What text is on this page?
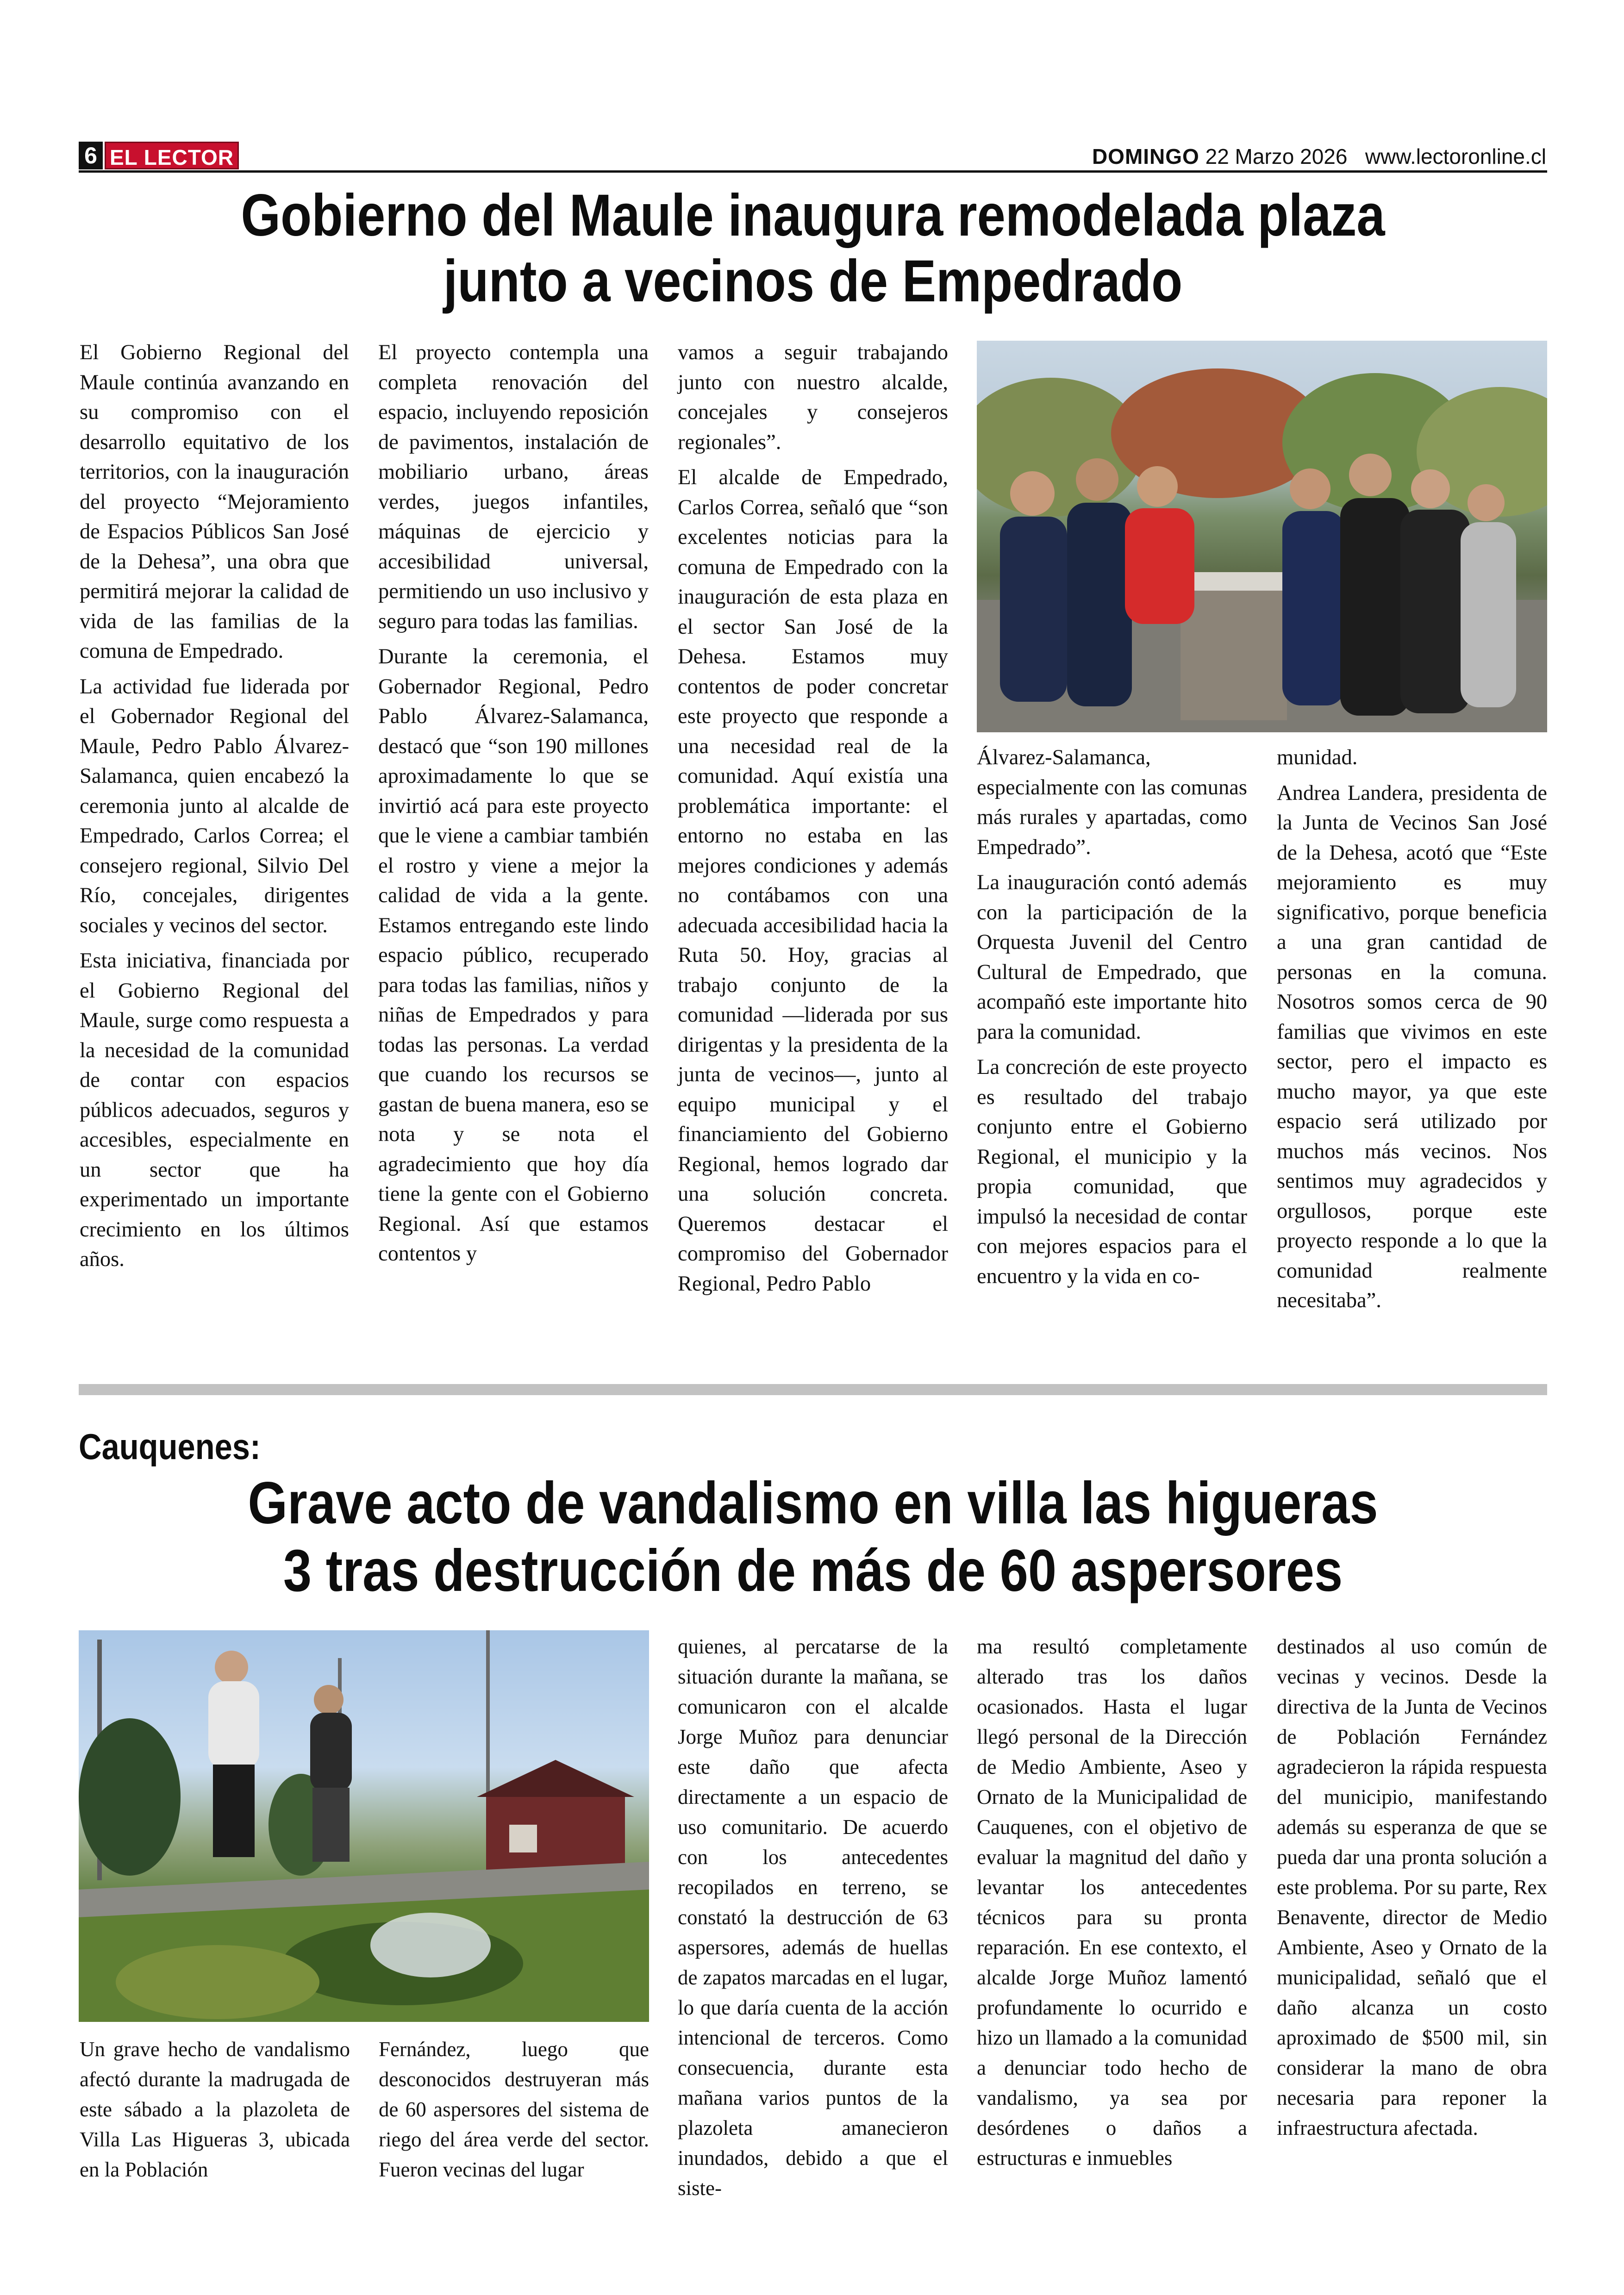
6 EL LECTOR	DOMINGO 22 Marzo 2026 www.lectoronline.cl
Gobierno del Maule inaugura remodelada plaza junto a vecinos de Empedrado

El Gobierno Regional del Maule continúa avanzando en su compromiso con el desarrollo equitativo de los territorios, con la inauguración del proyecto “Mejoramiento de Espacios Públicos San José de la Dehesa”, una obra que permitirá mejorar la calidad de vida de las familias de la comuna de Empedrado.

La actividad fue liderada por el Gobernador Regional del Maule, Pedro Pablo Álvarez-Salamanca, quien encabezó la ceremonia junto al alcalde de Empedrado, Carlos Correa; el consejero regional, Silvio Del Río, concejales, dirigentes sociales y vecinos del sector.

Esta iniciativa, financiada por el Gobierno Regional del Maule, surge como respuesta a la necesidad de la comunidad de contar con espacios públicos adecuados, seguros y accesibles, especialmente en un sector que ha experimentado un importante crecimiento en los últimos años.

El proyecto contempla una completa renovación del espacio, incluyendo reposición de pavimentos, instalación de mobiliario urbano, áreas verdes, juegos infantiles, máquinas de ejercicio y accesibilidad universal, permitiendo un uso inclusivo y seguro para todas las familias.

Durante la ceremonia, el Gobernador Regional, Pedro Pablo Álvarez-Salamanca, destacó que “son 190 millones aproximadamente lo que se invirtió acá para este proyecto que le viene a cambiar también el rostro y viene a mejor la calidad de vida a la gente. Estamos entregando este lindo espacio público, recuperado para todas las familias, niños y niñas de Empedrados y para todas las personas. La verdad que cuando los recursos se gastan de buena manera, eso se nota y se nota el agradecimiento que hoy día tiene la gente con el Gobierno Regional. Así que estamos contentos y

vamos a seguir trabajando junto con nuestro alcalde, concejales y consejeros regionales”.

El alcalde de Empedrado, Carlos Correa, señaló que “son excelentes noticias para la comuna de Empedrado con la inauguración de esta plaza en el sector San José de la Dehesa. Estamos muy contentos de poder concretar este proyecto que responde a una necesidad real de la comunidad. Aquí existía una problemática importante: el entorno no estaba en las mejores condiciones y además no contábamos con una adecuada accesibilidad hacia la Ruta 50. Hoy, gracias al trabajo conjunto de la comunidad —liderada por sus dirigentas y la presidenta de la junta de vecinos—, junto al equipo municipal y el financiamiento del Gobierno Regional, hemos logrado dar una solución concreta. Queremos destacar el compromiso del Gobernador Regional, Pedro Pablo

Álvarez-Salamanca, especialmente con las comunas más rurales y apartadas, como Empedrado”.

La inauguración contó además con la participación de la Orquesta Juvenil del Centro Cultural de Empedrado, que acompañó este importante hito para la comunidad.

La concreción de este proyecto es resultado del trabajo conjunto entre el Gobierno Regional, el municipio y la propia comunidad, que impulsó la necesidad de contar con mejores espacios para el encuentro y la vida en co-

munidad.

Andrea Landera, presidenta de la Junta de Vecinos San José de la Dehesa, acotó que “Este mejoramiento es muy significativo, porque beneficia a una gran cantidad de personas en la comuna. Nosotros somos cerca de 90 familias que vivimos en este sector, pero el impacto es mucho mayor, ya que este espacio será utilizado por muchos más vecinos. Nos sentimos muy agradecidos y orgullosos, porque este proyecto responde a lo que la comunidad realmente necesitaba”.

Cauquenes:
Grave acto de vandalismo en villa las higueras
3 tras destrucción de más de 60 aspersores

Un grave hecho de vandalismo afectó durante la madrugada de este sábado a la plazoleta de Villa Las Higueras 3, ubicada en la Población

Fernández, luego que desconocidos destruyeran más de 60 aspersores del sistema de riego del área verde del sector. Fueron vecinas del lugar

quienes, al percatarse de la situación durante la mañana, se comunicaron con el alcalde Jorge Muñoz para denunciar este daño que afecta directamente a un espacio de uso comunitario. De acuerdo con los antecedentes recopilados en terreno, se constató la destrucción de 63 aspersores, además de huellas de zapatos marcadas en el lugar, lo que daría cuenta de la acción intencional de terceros. Como consecuencia, durante esta mañana varios puntos de la plazoleta amanecieron inundados, debido a que el siste-

ma resultó completamente alterado tras los daños ocasionados. Hasta el lugar llegó personal de la Dirección de Medio Ambiente, Aseo y Ornato de la Municipalidad de Cauquenes, con el objetivo de evaluar la magnitud del daño y levantar los antecedentes técnicos para su pronta reparación. En ese contexto, el alcalde Jorge Muñoz lamentó profundamente lo ocurrido e hizo un llamado a la comunidad a denunciar todo hecho de vandalismo, ya sea por desórdenes o daños a estructuras e inmuebles

destinados al uso común de vecinas y vecinos. Desde la directiva de la Junta de Vecinos de Población Fernández agradecieron la rápida respuesta del municipio, manifestando además su esperanza de que se pueda dar una pronta solución a este problema. Por su parte, Rex Benavente, director de Medio Ambiente, Aseo y Ornato de la municipalidad, señaló que el daño alcanza un costo aproximado de $500 mil, sin considerar la mano de obra necesaria para reponer la infraestructura afectada.
